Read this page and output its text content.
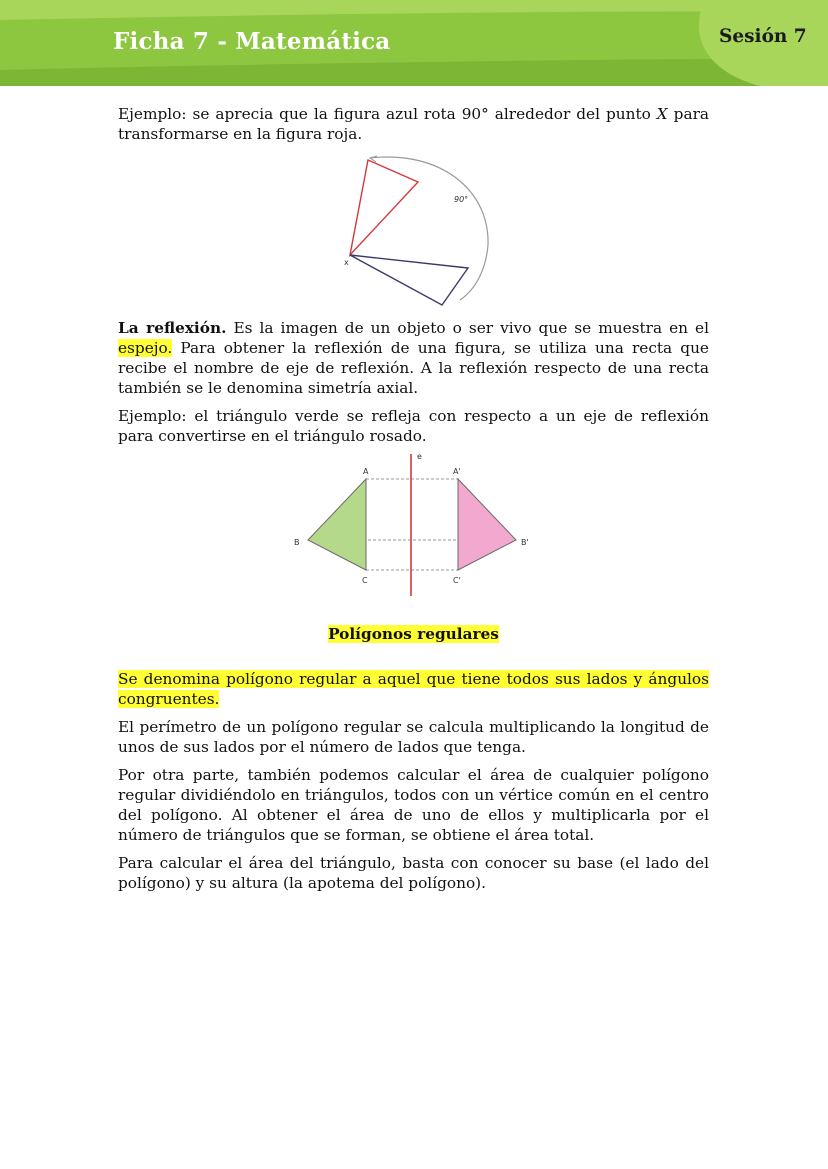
Ficha 7 - Matemática	Sesión 7

Ejemplo: se aprecia que la figura azul rota 90° alrededor del punto X para transformarse en la figura roja.

90°
x

La reflexión. Es la imagen de un objeto o ser vivo que se muestra en el espejo. Para obtener la reflexión de una figura, se utiliza una recta que recibe el nombre de eje de reflexión. A la reflexión respecto de una recta también se le denomina simetría axial.

Ejemplo: el triángulo verde se refleja con respecto a un eje de reflexión para convertirse en el triángulo rosado.

A
B
C
A'
B'
C'
e
Polígonos regulares

Se denomina polígono regular a aquel que tiene todos sus lados y ángulos congruentes.

El perímetro de un polígono regular se calcula multiplicando la longitud de unos de sus lados por el número de lados que tenga.

Por otra parte, también podemos calcular el área de cualquier polígono regular dividiéndolo en triángulos, todos con un vértice común en el centro del polígono. Al obtener el área de uno de ellos y multiplicarla por el número de triángulos que se forman, se obtiene el área total.

Para calcular el área del triángulo, basta con conocer su base (el lado del polígono) y su altura (la apotema del polígono).
